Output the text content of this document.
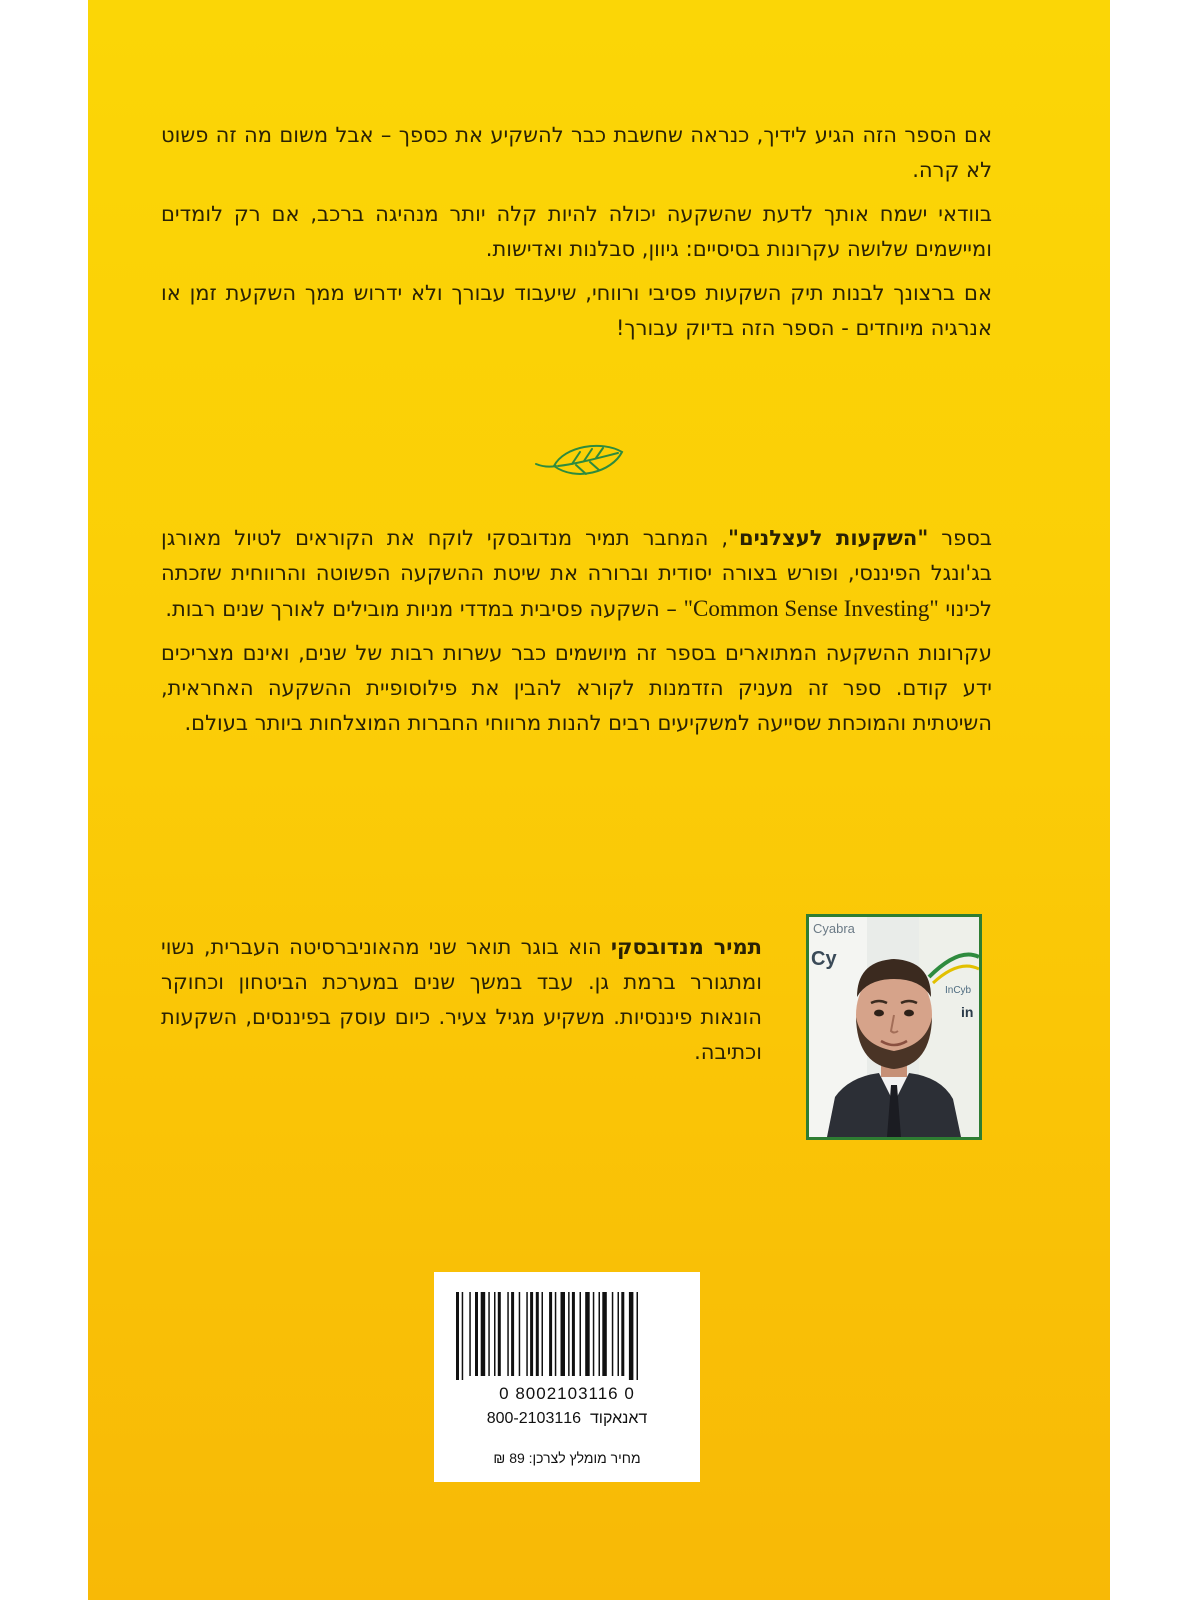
אם הספר הזה הגיע לידיך, כנראה שחשבת כבר להשקיע את כספך – אבל משום מה זה פשוט לא קרה.

בוודאי ישמח אותך לדעת שהשקעה יכולה להיות קלה יותר מנהיגה ברכב, אם רק לומדים ומיישמים שלושה עקרונות בסיסיים: גיוון, סבלנות ואדישות.

אם ברצונך לבנות תיק השקעות פסיבי ורווחי, שיעבוד עבורך ולא ידרוש ממך השקעת זמן או אנרגיה מיוחדים - הספר הזה בדיוק עבורך!

בספר "השקעות לעצלנים", המחבר תמיר מנדובסקי לוקח את הקוראים לטיול מאורגן בג'ונגל הפיננסי, ופורש בצורה יסודית וברורה את שיטת ההשקעה הפשוטה והרווחית שזכתה לכינוי "Common Sense Investing" – השקעה פסיבית במדדי מניות מובילים לאורך שנים רבות.

עקרונות ההשקעה המתוארים בספר זה מיושמים כבר עשרות רבות של שנים, ואינם מצריכים ידע קודם. ספר זה מעניק הזדמנות לקורא להבין את פילוסופיית ההשקעה האחראית, השיטתית והמוכחת שסייעה למשקיעים רבים להנות מרווחי החברות המוצלחות ביותר בעולם.

Cyabra
Cy
InCyb
in

תמיר מנדובסקי הוא בוגר תואר שני מהאוניברסיטה העברית, נשוי ומתגורר ברמת גן. עבד במשך שנים במערכת הביטחון וכחוקר הונאות פיננסיות. משקיע מגיל צעיר. כיום עוסק בפיננסים, השקעות וכתיבה.

0 8002103116 0

דאנאקוד  800-2103116

מחיר מומלץ לצרכן: 89 ₪
